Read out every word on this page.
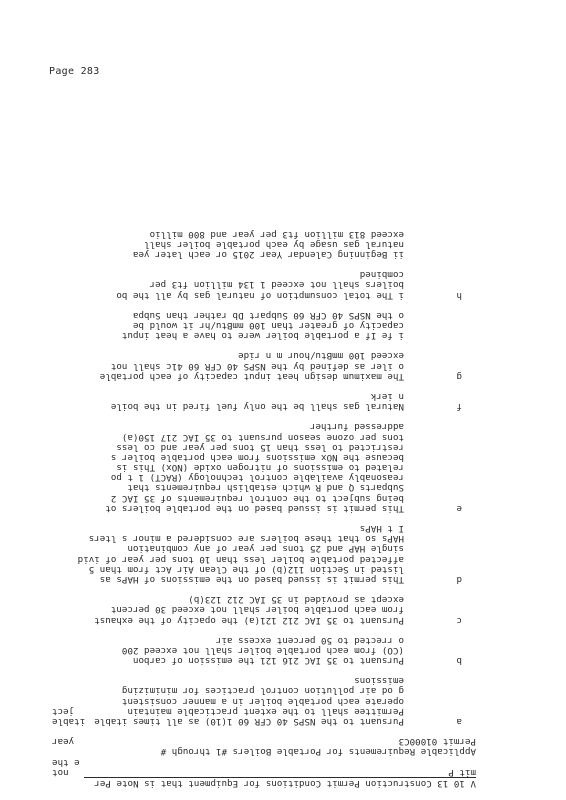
Page 283
V 10 13 Construction Permit Conditions for Equipment that is Note Per
mit P
not
e the
Applicable Requirements for Portable Boilers #1 through #
Permit 01000C3
year
Pursuant to the NSPS 40 CFR 60 1(10) as all times itable	a
itable
Permittee shall to the extent practicable maintain
ject
operate each portable boiler in a manner consistent
g od air pollution control practices for minimizing
emissions
Pursuant to 35 IAC 216 121 the emission of carbon	b
(CO) from each portable boiler shall not exceed 200
o rrected to 50 percent excess air
Pursuant to 35 IAC 212 121(a) the opacity of the exhaust	c
from each portable boiler shall not exceed 30 percent
except as provided in 35 IAC 212 123(b)
This permit is issued based on the emissions of HAPs as	d
listed in Section 112(b) of the Clean Air Act from than 5
affected portable boiler less than 10 tons per year of ivid
single HAP and 25 tons per year of any combination
HAPs so that these boilers are considered a minor s lters
I t HAPs
This permit is issued based on the portable boilers ot	e
being subject to the control requirements of 35 IAC 2
Subparts Q and R which establish requirements that
reasonably available control technology (RACT) 1 t po
related to emissions of nitrogen oxide (NOx) This is
because the NOx emissions from each portable boiler s
restricted to less than 15 tons per year and co less
tons per ozone season pursuant to 35 IAC 217 150(a)
addressed further
Natural gas shall be the only fuel fired in the boile	f
n ierk
The maximum design heat input capacity of each portable	g
o iler as defined by the NSPS 40 CFR 60 41c shall not
exceed 100 mmBtu/hour m n ride
i fe If a portable boiler were to have a heat input
capacity of greater than 100 mmBtu/hr it would be
o the NSPS 40 CFR 60 Subpart Db rather than Subpa
i The total consumption of natural gas by all the bo	h
boilers shall not exceed 1 134 million ft3 per
combined
ii Beginning Calendar Year 2015 or each later yea
natural gas usage by each portable boiler shall
exceed 813 million ft3 per year and 800 millio
